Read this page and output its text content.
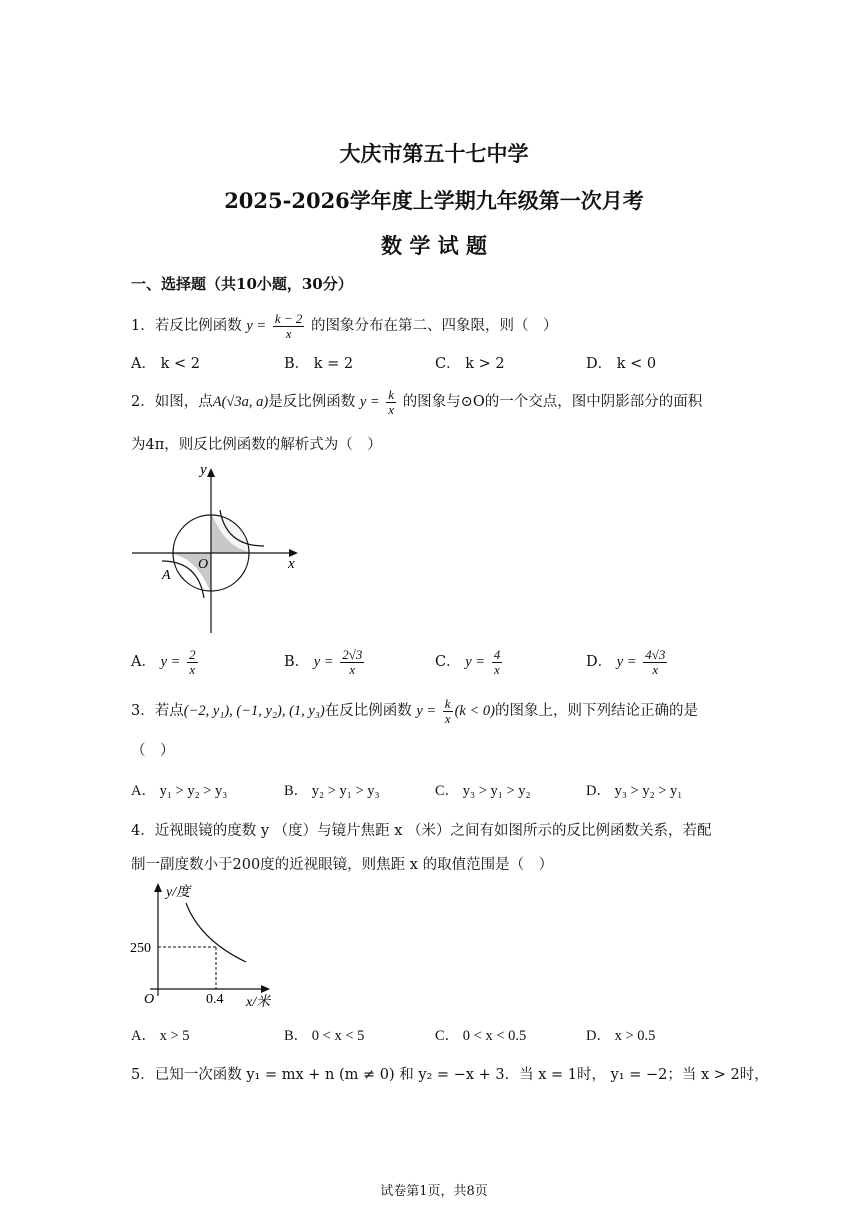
大庆市第五十七中学
2025-2026学年度上学期九年级第一次月考
数 学 试 题
一、选择题（共10小题，30分）
1．若反比例函数 $y = \frac{k - 2}{x}$ 的图象分布在第二、四象限，则（　）
A． k < 2	B． k = 2	C． k > 2	D． k < 0
2．如图，点A(√3a, a)是反比例函数 $y = \frac{k}{x}$ 的图象与⊙O的一个交点，图中阴影部分的面积
为4π，则反比例函数的解析式为（　）
y
x
O
A
A． $y = \frac{2}{x}$	B． $y = \frac{2√3}{x}$	C． $y = \frac{4}{x}$	D． $y = \frac{4√3}{x}$
3．若点(−2, y₁), (−1, y₂), (1, y₃)在反比例函数 $y = \frac{k}{x} (k < 0)$的图象上，则下列结论正确的是
（　）
A． y₁ > y₂ > y₃	B． y₂ > y₁ > y₃	C． y₃ > y₁ > y₂	D． y₃ > y₂ > y₁
4．近视眼镜的度数 y （度）与镜片焦距 x （米）之间有如图所示的反比例函数关系，若配
制一副度数小于200度的近视眼镜，则焦距 x 的取值范围是（　）
y/度
250
O	0.4 x/米
A． x > 5	B． 0 < x < 5	C． 0 < x < 0.5	D． x > 0.5
5．已知一次函数 y₁ = mx + n (m ≠ 0) 和 y₂ = −x + 3．当 x = 1时， y₁ = −2；当 x > 2时，
试卷第1页，共8页
